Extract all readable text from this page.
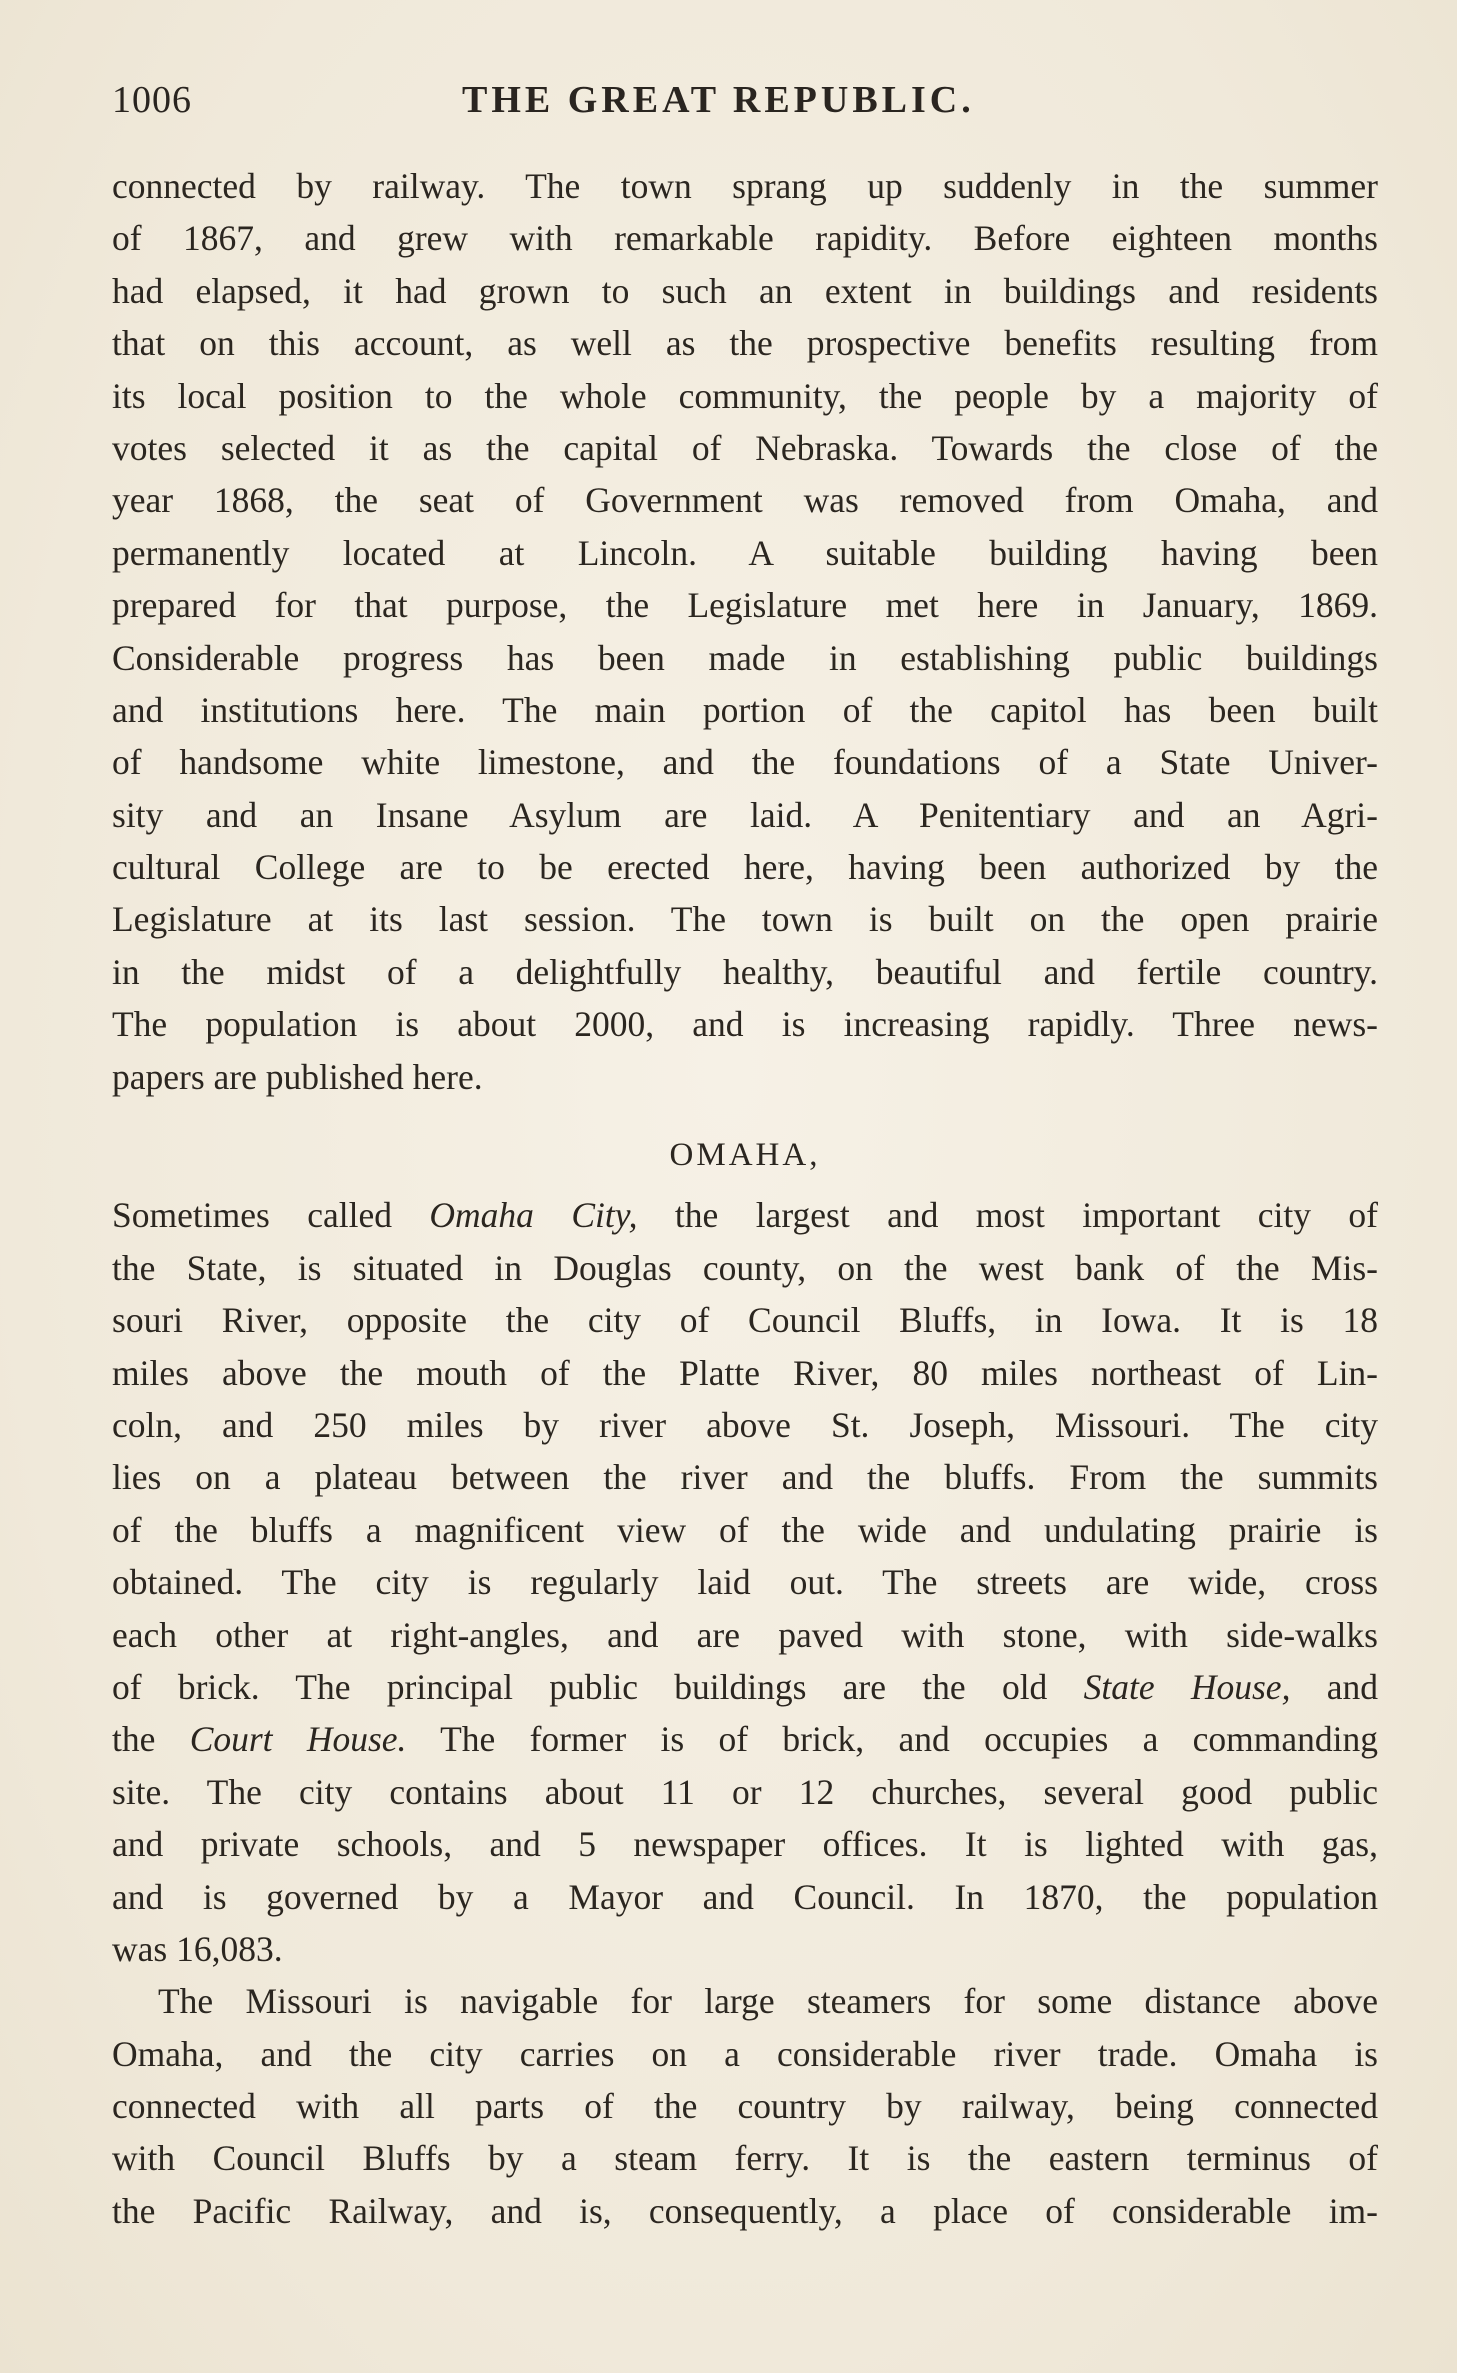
1006	THE GREAT REPUBLIC.
connected by railway. The town sprang up suddenly in the summer
of 1867, and grew with remarkable rapidity. Before eighteen months
had elapsed, it had grown to such an extent in buildings and residents
that on this account, as well as the prospective benefits resulting from
its local position to the whole community, the people by a majority of
votes selected it as the capital of Nebraska. Towards the close of the
year 1868, the seat of Government was removed from Omaha, and
permanently located at Lincoln. A suitable building having been
prepared for that purpose, the Legislature met here in January, 1869.
Considerable progress has been made in establishing public buildings
and institutions here. The main portion of the capitol has been built
of handsome white limestone, and the foundations of a State Univer-
sity and an Insane Asylum are laid. A Penitentiary and an Agri-
cultural College are to be erected here, having been authorized by the
Legislature at its last session. The town is built on the open prairie
in the midst of a delightfully healthy, beautiful and fertile country.
The population is about 2000, and is increasing rapidly. Three news-
papers are published here.
OMAHA,
Sometimes called Omaha City, the largest and most important city of
the State, is situated in Douglas county, on the west bank of the Mis-
souri River, opposite the city of Council Bluffs, in Iowa. It is 18
miles above the mouth of the Platte River, 80 miles northeast of Lin-
coln, and 250 miles by river above St. Joseph, Missouri. The city
lies on a plateau between the river and the bluffs. From the summits
of the bluffs a magnificent view of the wide and undulating prairie is
obtained. The city is regularly laid out. The streets are wide, cross
each other at right-angles, and are paved with stone, with side-walks
of brick. The principal public buildings are the old State House, and
the Court House. The former is of brick, and occupies a commanding
site. The city contains about 11 or 12 churches, several good public
and private schools, and 5 newspaper offices. It is lighted with gas,
and is governed by a Mayor and Council. In 1870, the population
was 16,083.
The Missouri is navigable for large steamers for some distance above
Omaha, and the city carries on a considerable river trade. Omaha is
connected with all parts of the country by railway, being connected
with Council Bluffs by a steam ferry. It is the eastern terminus of
the Pacific Railway, and is, consequently, a place of considerable im-
